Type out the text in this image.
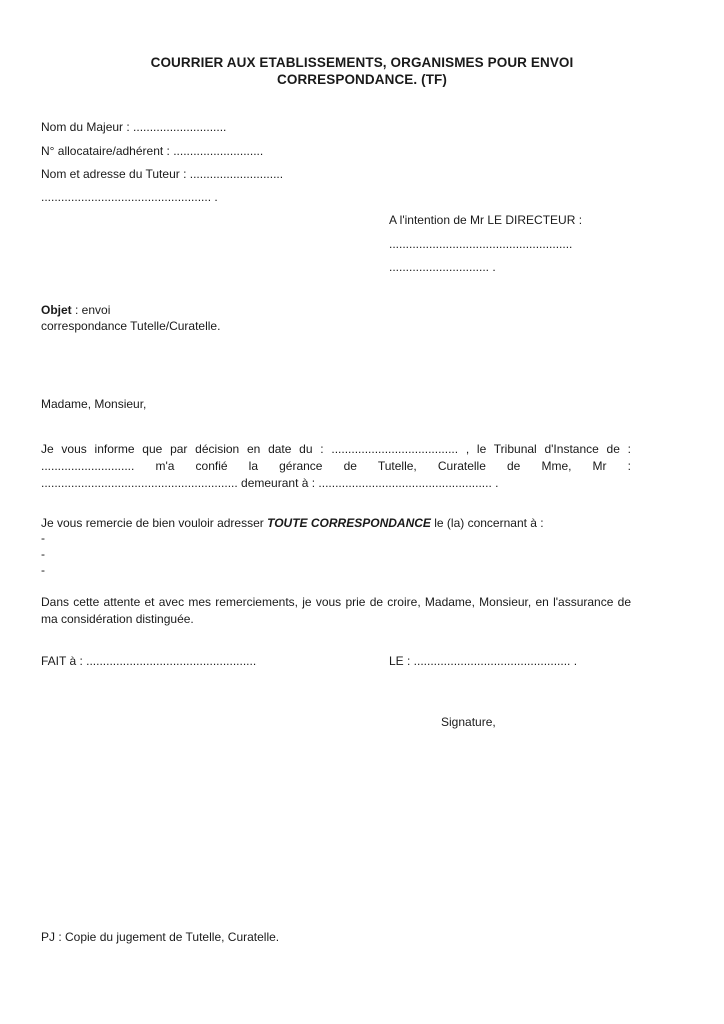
COURRIER AUX ETABLISSEMENTS, ORGANISMES POUR ENVOI
CORRESPONDANCE. (TF)
Nom du Majeur : ............................
N° allocataire/adhérent : ...........................
Nom et adresse du Tuteur : ............................
................................................... .
A l'intention de Mr LE DIRECTEUR :
.......................................................
.............................. .
Objet : envoi
correspondance Tutelle/Curatelle.
Madame, Monsieur,
Je vous informe que par décision en date du : ...................................... , le Tribunal d'Instance de : ............................ m'a confié la gérance de Tutelle, Curatelle de Mme, Mr : ........................................................... demeurant à : .................................................... .
Je vous remercie de bien vouloir adresser TOUTE CORRESPONDANCE le (la) concernant à :
-
-
-
Dans cette attente et avec mes remerciements, je vous prie de croire, Madame, Monsieur, en l'assurance de ma considération distinguée.
FAIT à : ...................................................	LE : ............................................... .
Signature,
PJ : Copie du jugement de Tutelle, Curatelle.
